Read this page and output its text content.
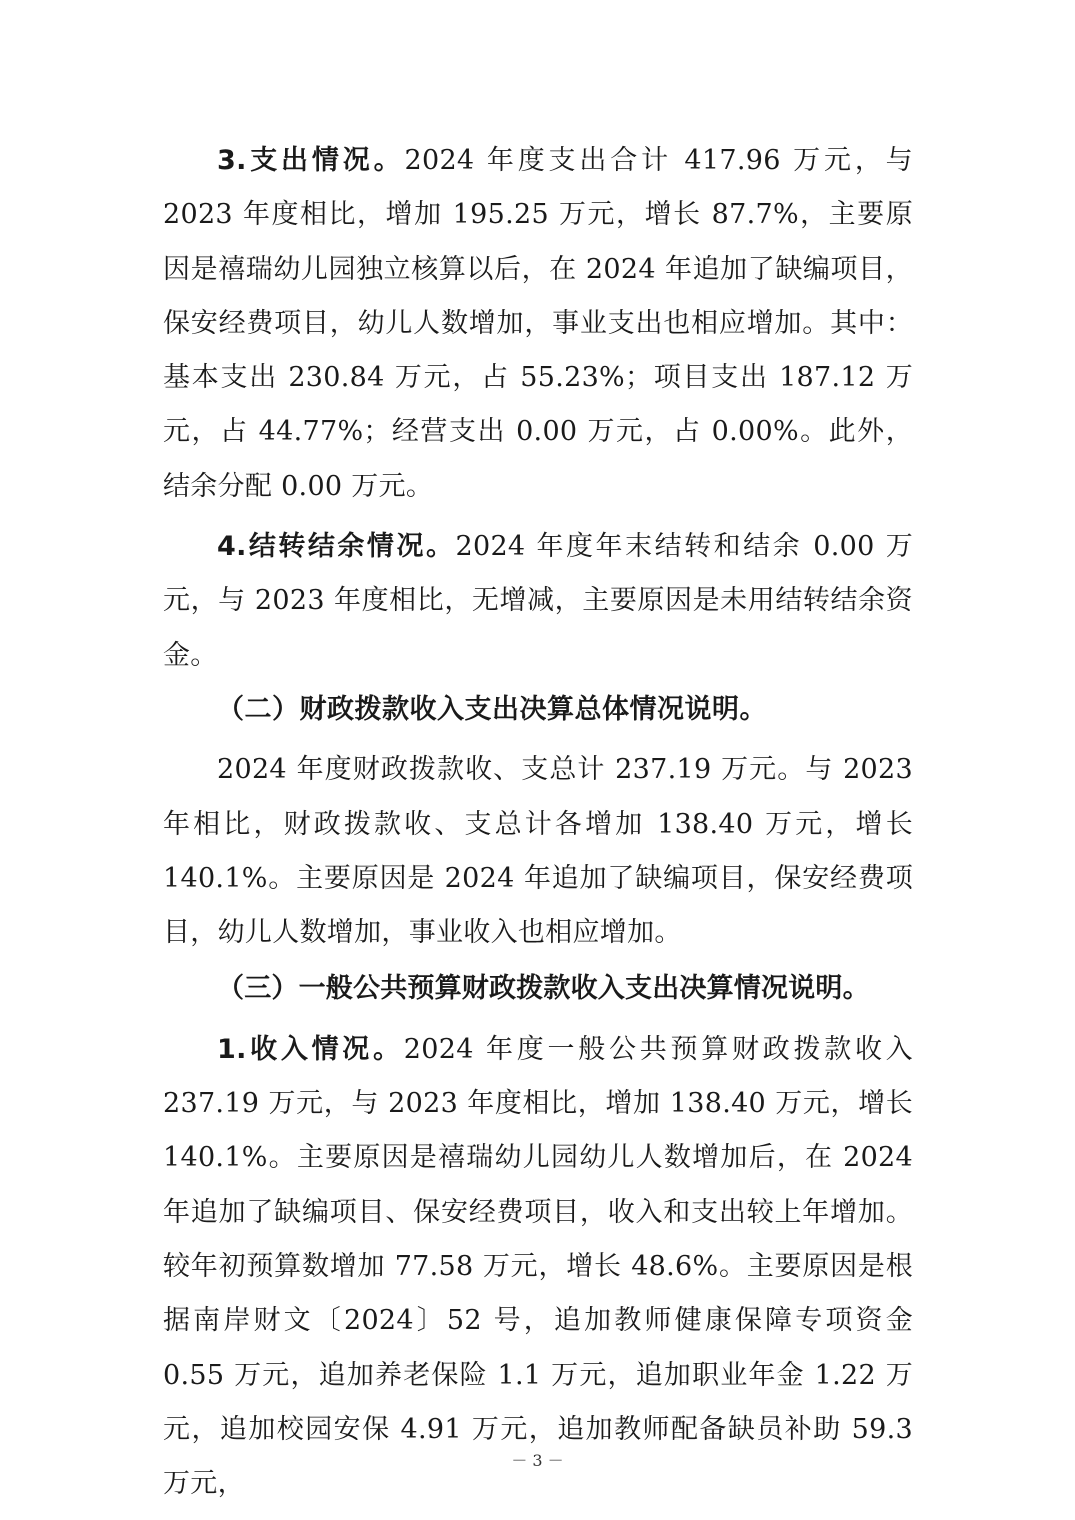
3.支出情况。2024 年度支出合计 417.96 万元，与 2023 年度相比，增加 195.25 万元，增长 87.7%，主要原因是禧瑞幼儿园独立核算以后，在 2024 年追加了缺编项目，保安经费项目，幼儿人数增加，事业支出也相应增加。其中：基本支出 230.84 万元，占 55.23%；项目支出 187.12 万元，占 44.77%；经营支出 0.00 万元，占 0.00%。此外，结余分配 0.00 万元。

4.结转结余情况。2024 年度年末结转和结余 0.00 万元，与 2023 年度相比，无增减，主要原因是未用结转结余资金。

（二）财政拨款收入支出决算总体情况说明。

2024 年度财政拨款收、支总计 237.19 万元。与 2023 年相比，财政拨款收、支总计各增加 138.40 万元，增长 140.1%。主要原因是 2024 年追加了缺编项目，保安经费项目，幼儿人数增加，事业收入也相应增加。

（三）一般公共预算财政拨款收入支出决算情况说明。

1.收入情况。2024 年度一般公共预算财政拨款收入 237.19 万元，与 2023 年度相比，增加 138.40 万元，增长 140.1%。主要原因是禧瑞幼儿园幼儿人数增加后，在 2024 年追加了缺编项目、保安经费项目，收入和支出较上年增加。较年初预算数增加 77.58 万元，增长 48.6%。主要原因是根据南岸财文〔2024〕52 号，追加教师健康保障专项资金 0.55 万元，追加养老保险 1.1 万元，追加职业年金 1.22 万元，追加校园安保 4.91 万元，追加教师配备缺员补助 59.3 万元，

－ 3 －
